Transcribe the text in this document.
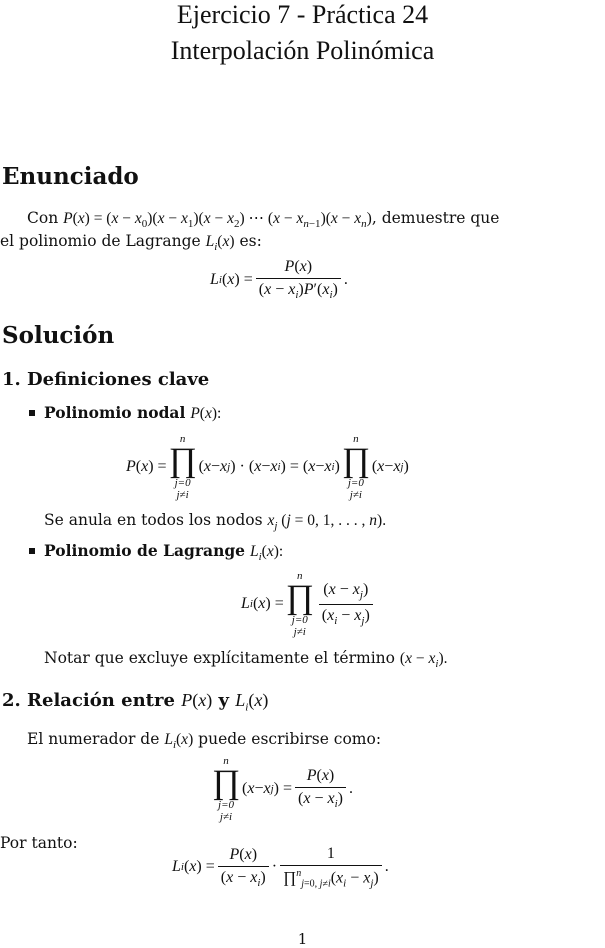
Ejercicio 7 - Práctica 24
Interpolación Polinómica
Enunciado
Con $P(x) = (x - x_0)(x - x_1)(x - x_2)$ ⋯ $(x - x_{n-1})(x - x_n)$, demuestre que
el polinomio de Lagrange $L_i(x)$ es:
L i ( x ) = $\frac{P(x)}{(x - x_i)P'(x_i)}$ .
Solución
1. Definiciones clave
Polinomio nodal P(x):
P ( x ) =
n
∏
j=0
j≠i
( x − x j ) · ( x − x i ) = ( x − x i )
n
∏
j=0
j≠i
( x − x j )
Se anula en todos los nodos $x_j$ (j = 0, 1, . . . , n).
Polinomio de Lagrange $L_i(x)$:
L i ( x ) =
n
∏
j=0
j≠i
$\frac{(x - x_j)}{(x_i - x_j)}$
Notar que excluye explícitamente el término $(x - x_i)$.
2. Relación entre P(x) y $L_i(x)$
El numerador de $L_i(x)$ puede escribirse como:
n
∏
j=0
j≠i
( x − x j ) = $\frac{P(x)}{(x - x_i)}$ .
Por tanto:
L i ( x ) = $\frac{P(x)}{(x - x_i)} \cdot \frac{1}{\prod^n_{j=0, j\ne i}(x_i - x_j)}$ .
1
